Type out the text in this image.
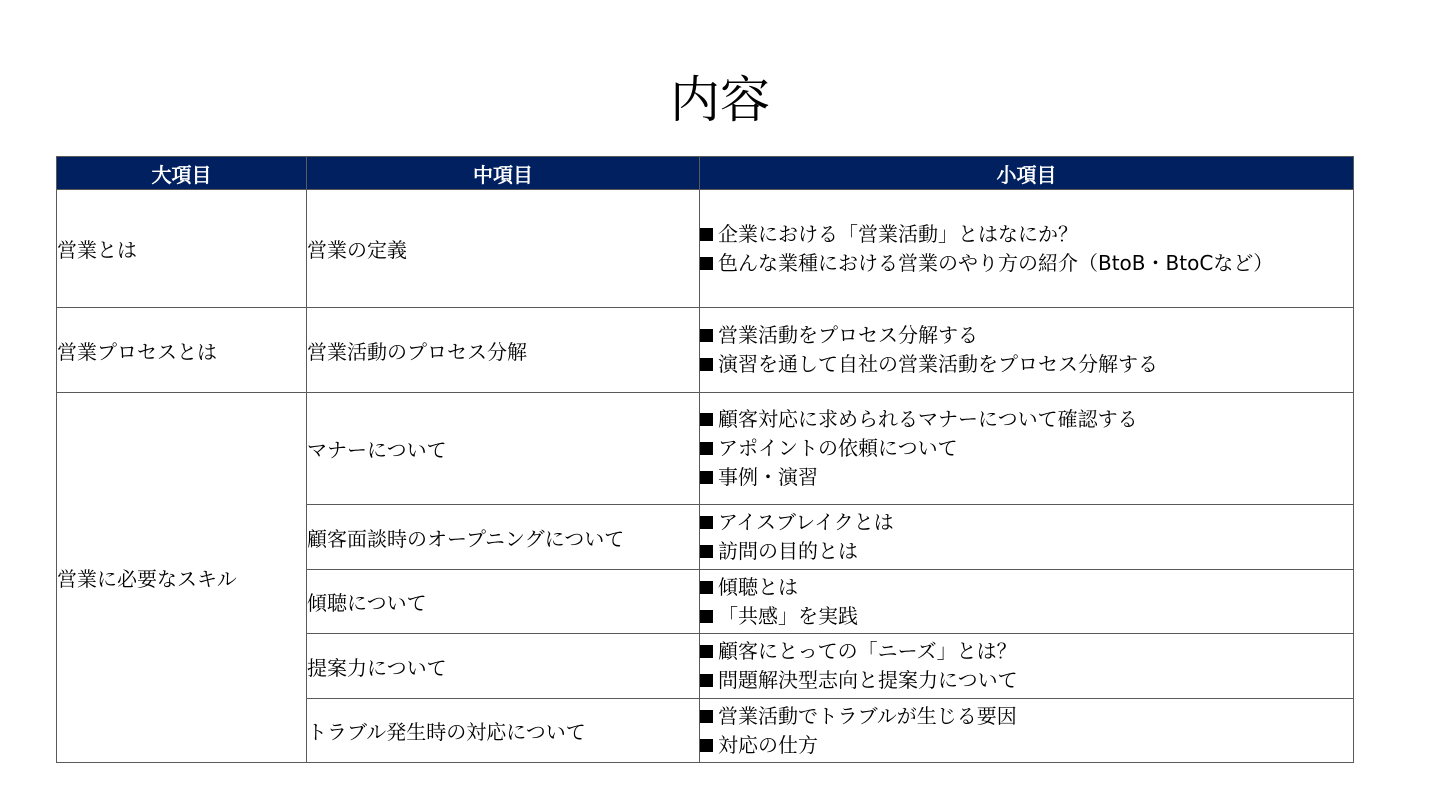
内容
大項目	中項目	小項目
営業とは	営業の定義	企業における「営業活動」とはなにか？
色んな業種における営業のやり方の紹介（BtoB・BtoCなど）

営業プロセスとは	営業活動のプロセス分解	営業活動をプロセス分解する
演習を通して自社の営業活動をプロセス分解する

営業に必要なスキル	マナーについて	顧客対応に求められるマナーについて確認する
アポイントの依頼について
事例・演習

	顧客面談時のオープニングについて	アイスブレイクとは
訪問の目的とは

	傾聴について	傾聴とは
「共感」を実践

	提案力について	顧客にとっての「ニーズ」とは？
問題解決型志向と提案力について

	トラブル発生時の対応について	営業活動でトラブルが生じる要因
対応の仕方
